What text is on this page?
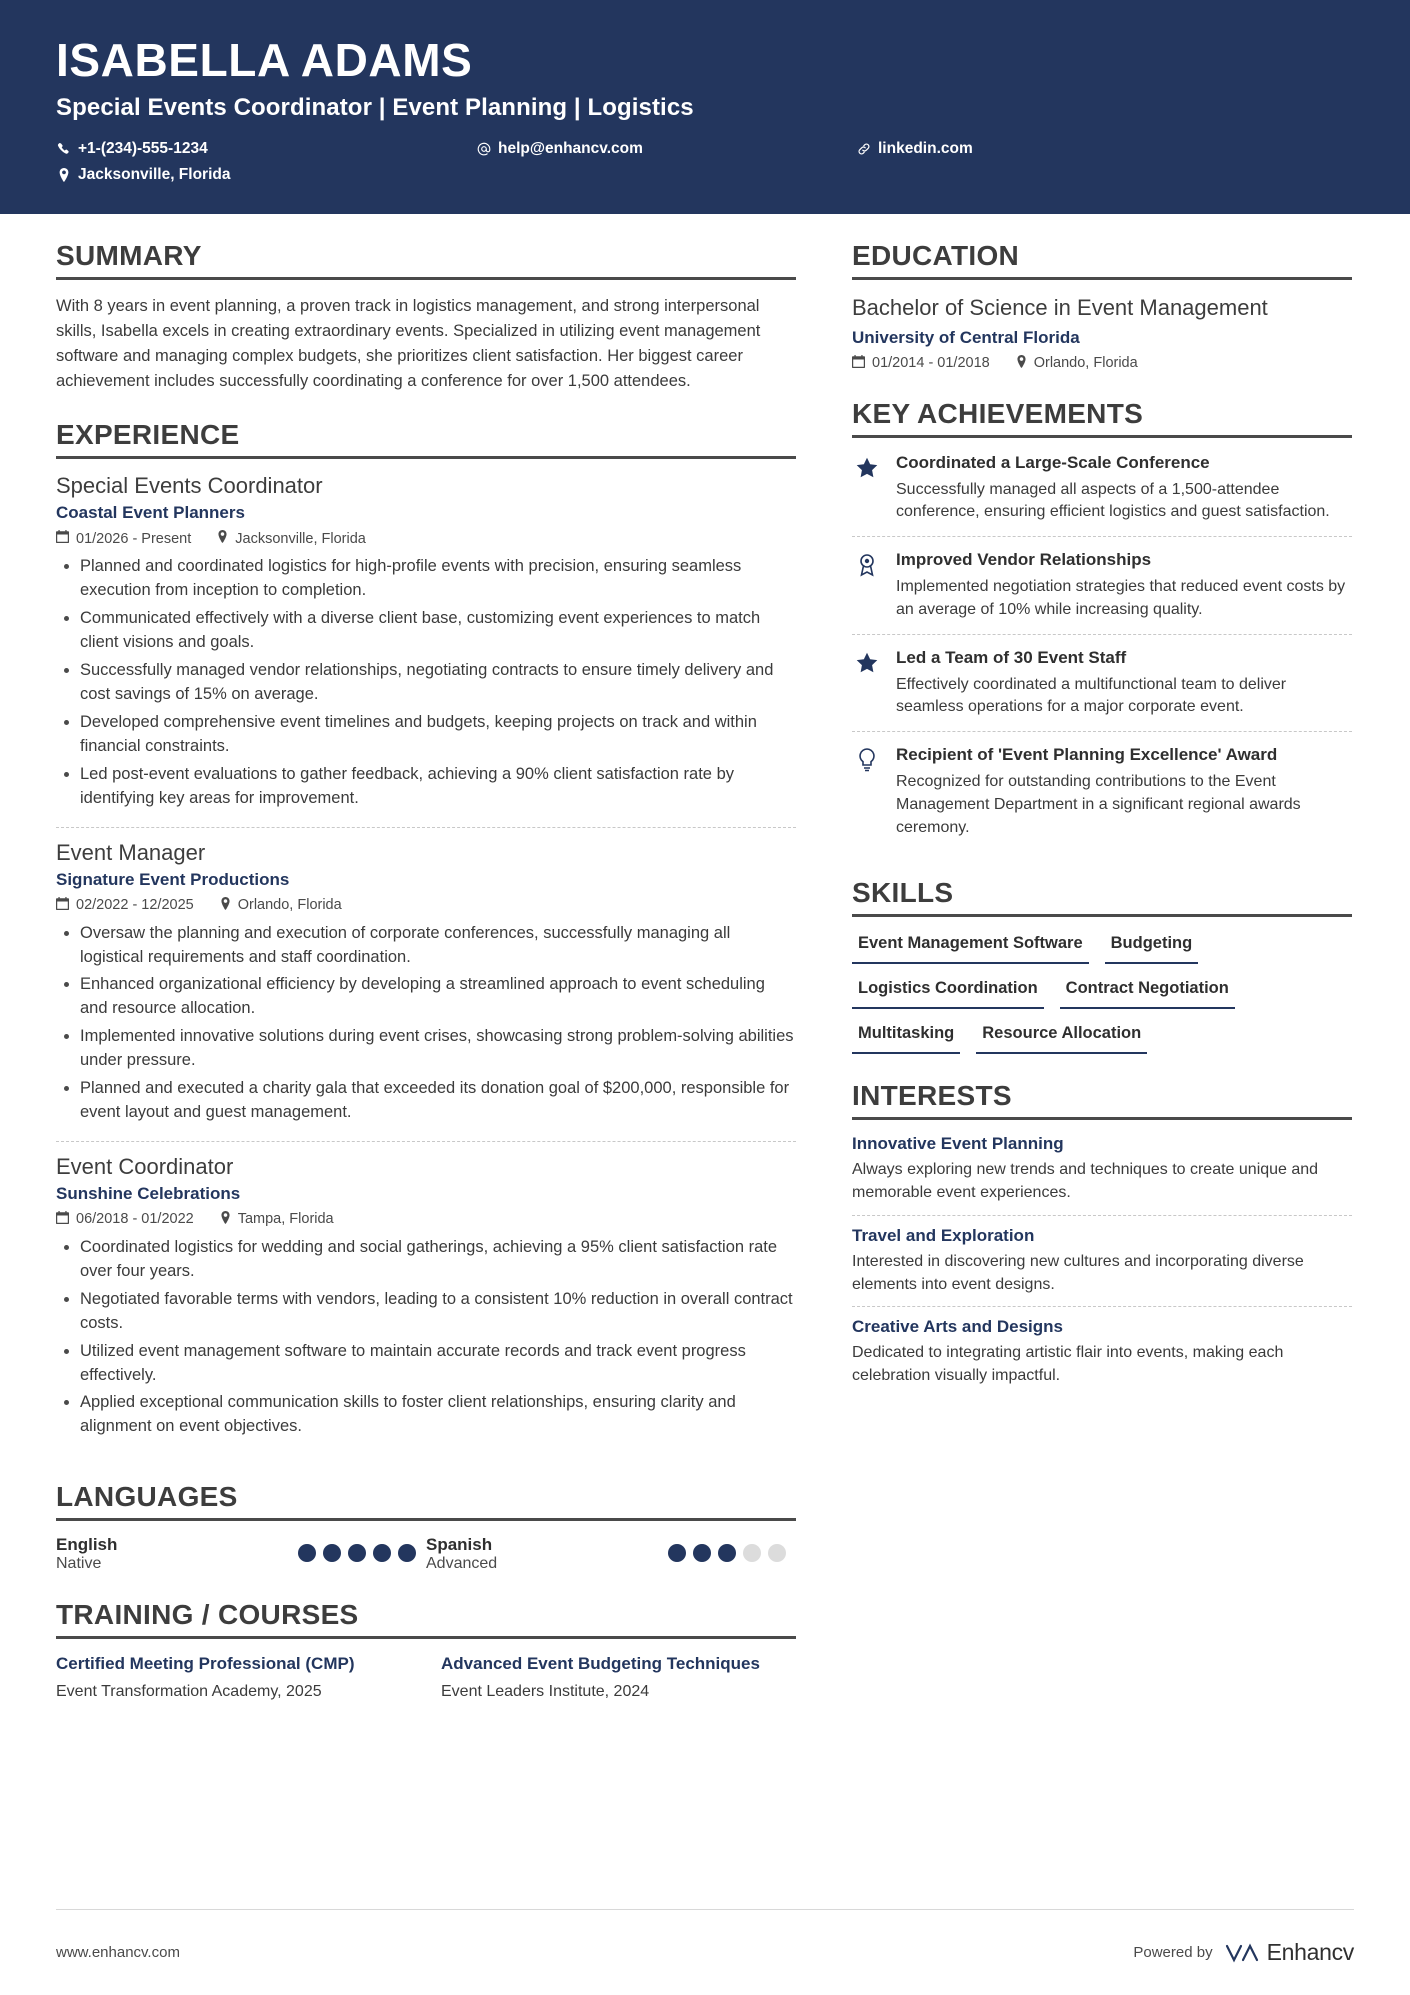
ISABELLA ADAMS
Special Events Coordinator | Event Planning | Logistics
+1-(234)-555-1234
Jacksonville, Florida
help@enhancv.com	linkedin.com
SUMMARY
With 8 years in event planning, a proven track in logistics management, and strong interpersonal skills, Isabella excels in creating extraordinary events. Specialized in utilizing event management software and managing complex budgets, she prioritizes client satisfaction. Her biggest career achievement includes successfully coordinating a conference for over 1,500 attendees.
EXPERIENCE
Special Events Coordinator
Coastal Event Planners
01/2026 - Present	Jacksonville, Florida
Planned and coordinated logistics for high-profile events with precision, ensuring seamless execution from inception to completion.
Communicated effectively with a diverse client base, customizing event experiences to match client visions and goals.
Successfully managed vendor relationships, negotiating contracts to ensure timely delivery and cost savings of 15% on average.
Developed comprehensive event timelines and budgets, keeping projects on track and within financial constraints.
Led post-event evaluations to gather feedback, achieving a 90% client satisfaction rate by identifying key areas for improvement.
Event Manager
Signature Event Productions
02/2022 - 12/2025	Orlando, Florida
Oversaw the planning and execution of corporate conferences, successfully managing all logistical requirements and staff coordination.
Enhanced organizational efficiency by developing a streamlined approach to event scheduling and resource allocation.
Implemented innovative solutions during event crises, showcasing strong problem-solving abilities under pressure.
Planned and executed a charity gala that exceeded its donation goal of $200,000, responsible for event layout and guest management.
Event Coordinator
Sunshine Celebrations
06/2018 - 01/2022	Tampa, Florida
Coordinated logistics for wedding and social gatherings, achieving a 95% client satisfaction rate over four years.
Negotiated favorable terms with vendors, leading to a consistent 10% reduction in overall contract costs.
Utilized event management software to maintain accurate records and track event progress effectively.
Applied exceptional communication skills to foster client relationships, ensuring clarity and alignment on event objectives.
LANGUAGES
English
Native
Spanish
Advanced
TRAINING / COURSES
Certified Meeting Professional (CMP)
Event Transformation Academy, 2025
Advanced Event Budgeting Techniques
Event Leaders Institute, 2024
EDUCATION
Bachelor of Science in Event Management
University of Central Florida
01/2014 - 01/2018	Orlando, Florida
KEY ACHIEVEMENTS
Coordinated a Large-Scale Conference
Successfully managed all aspects of a 1,500-attendee conference, ensuring efficient logistics and guest satisfaction.
Improved Vendor Relationships
Implemented negotiation strategies that reduced event costs by an average of 10% while increasing quality.
Led a Team of 30 Event Staff
Effectively coordinated a multifunctional team to deliver seamless operations for a major corporate event.
Recipient of 'Event Planning Excellence' Award
Recognized for outstanding contributions to the Event Management Department in a significant regional awards ceremony.
SKILLS
Event Management Software	Budgeting
Logistics Coordination	Contract Negotiation
Multitasking	Resource Allocation
INTERESTS
Innovative Event Planning
Always exploring new trends and techniques to create unique and memorable event experiences.
Travel and Exploration
Interested in discovering new cultures and incorporating diverse elements into event designs.
Creative Arts and Designs
Dedicated to integrating artistic flair into events, making each celebration visually impactful.
www.enhancv.com	Powered by Enhancv
